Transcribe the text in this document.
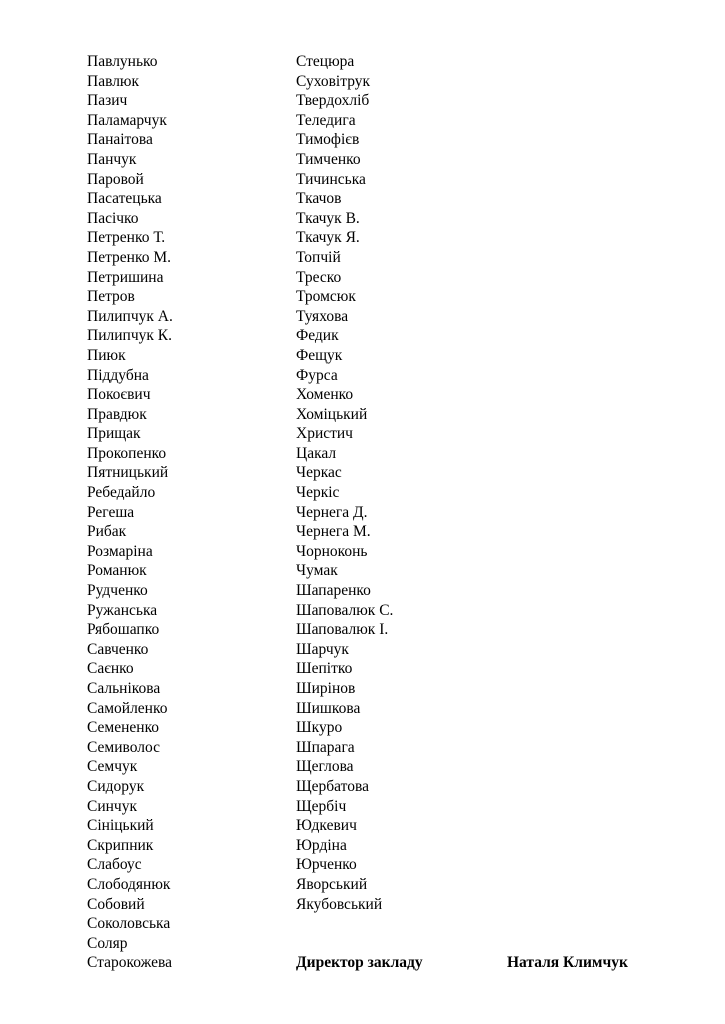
Павлунько
Павлюк
Пазич
Паламарчук
Панаітова
Панчук
Паровой
Пасатецька
Пасічко
Петренко Т.
Петренко М.
Петришина
Петров
Пилипчук А.
Пилипчук К.
Пиюк
Піддубна
Покоєвич
Правдюк
Прищак
Прокопенко
Пятницький
Ребедайло
Регеша
Рибак
Розмаріна
Романюк
Рудченко
Ружанська
Рябошапко
Савченко
Саєнко
Сальнікова
Самойленко
Семененко
Семиволос
Семчук
Сидорук
Синчук
Сініцький
Скрипник
Слабоус
Слободянюк
Собовий
Соколовська
Соляр
Старокожева
Стецюра
Суховітрук
Твердохліб
Теледига
Тимофієв
Тимченко
Тичинська
Ткачов
Ткачук В.
Ткачук Я.
Топчій
Треско
Тромсюк
Туяхова
Федик
Фещук
Фурса
Хоменко
Хоміцький
Христич
Цакал
Черкас
Черкіс
Чернега Д.
Чернега М.
Чорноконь
Чумак
Шапаренко
Шаповалюк С.
Шаповалюк І.
Шарчук
Шепітко
Ширінов
Шишкова
Шкуро
Шпарага
Щеглова
Щербатова
Щербіч
Юдкевич
Юрдіна
Юрченко
Яворський
Якубовський
Директор закладу	Наталя Климчук
